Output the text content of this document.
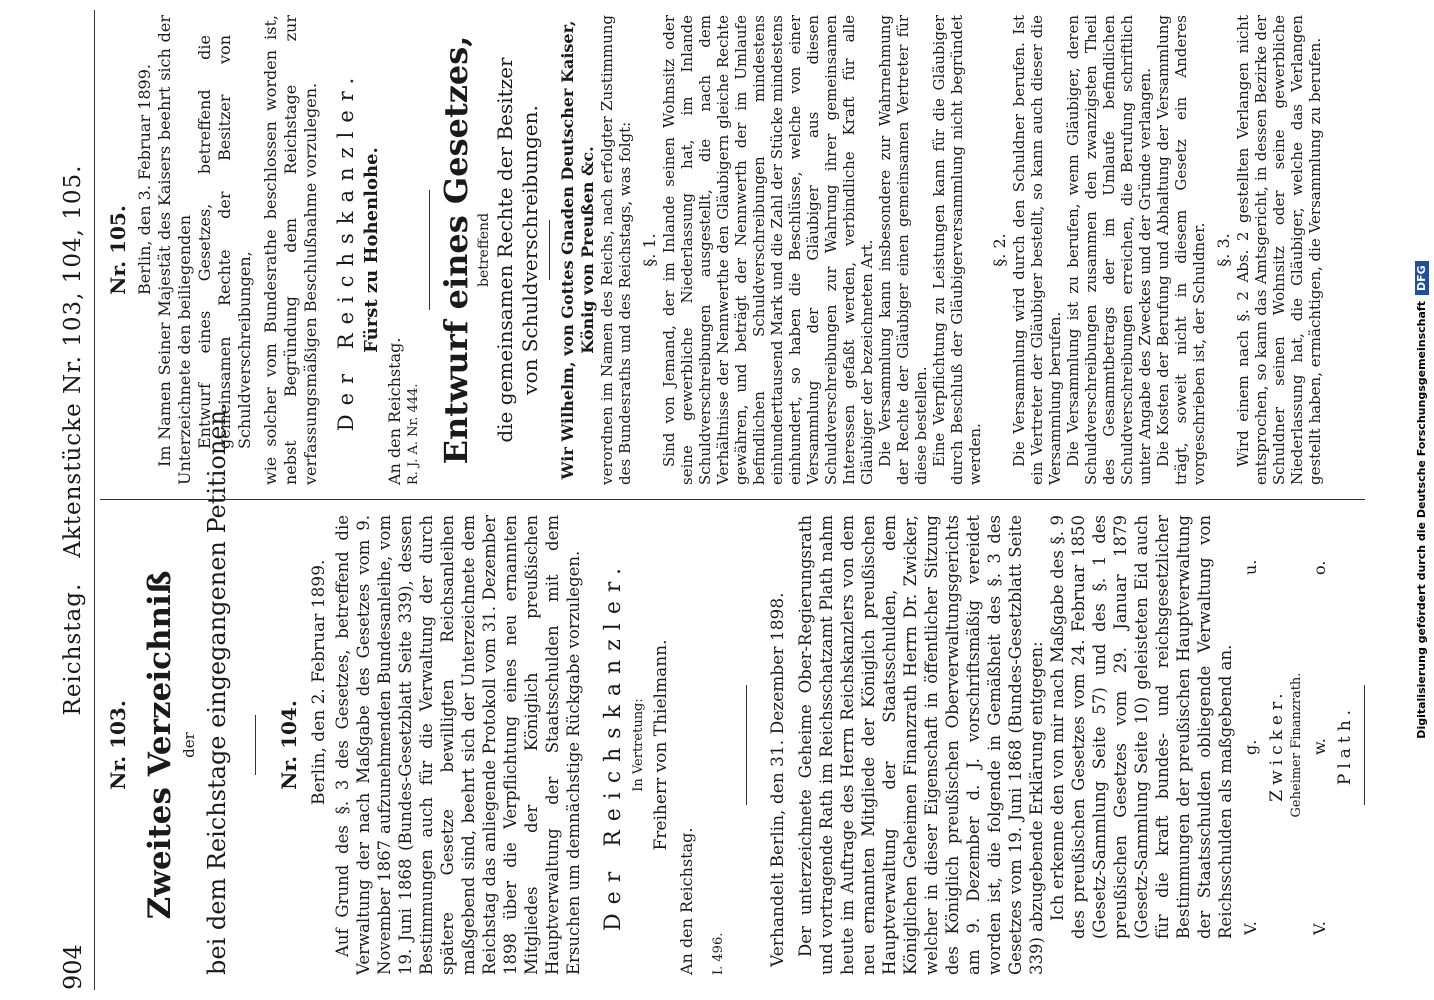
904
Reichstag.   Aktenstücke Nr. 103, 104, 105.
Nr. 103. Zweites Verzeichniß der bei dem Reichstage eingegangenen Petitionen. Nr. 104. Berlin, den 2. Februar 1899. Auf Grund des §. 3 des Gesetzes, betreffend die Verwaltung der nach Maßgabe des Gesetzes vom 9. November 1867 aufzunehmenden Bundesanleihe, vom 19. Juni 1868 (Bundes-Gesetzblatt Seite 339), dessen Bestimmungen auch für die Verwaltung der durch spätere Gesetze bewilligten Reichsanleihen maßgebend sind, beehrt sich der Unterzeichnete dem Reichstag das anliegende Protokoll vom 31. Dezember 1898 über die Verpflichtung eines neu ernannten Mitgliedes der Königlich preußischen Hauptverwaltung der Staatsschulden mit dem Ersuchen um demnächstige Rückgabe vorzulegen. Der Reichskanzler. In Vertretung: Freiherr von Thielmann.
An den Reichstag. I. 496. Verhandelt Berlin, den 31. Dezember 1898. Der unterzeichnete Geheime Ober-Regierungsrath und vortragende Rath im Reichsschatzamt Plath nahm heute im Auftrage des Herrn Reichskanzlers von dem neu ernannten Mitgliede der Königlich preußischen Hauptverwaltung der Staatsschulden, dem Königlichen Geheimen Finanzrath Herrn Dr. Zwicker, welcher in dieser Eigenschaft in öffentlicher Sitzung des Königlich preußischen Oberverwaltungsgerichts am 9. Dezember d. J. vorschriftsmäßig vereidet worden ist, die folgende in Gemäßheit des §. 3 des Gesetzes vom 19. Juni 1868 (Bundes-Gesetzblatt Seite 339) abzugebende Erklärung entgegen: Ich erkenne den von mir nach Maßgabe des §. 9 des preußischen Gesetzes vom 24. Februar 1850 (Gesetz-Sammlung Seite 57) und des §. 1 des preußischen Gesetzes vom 29. Januar 1879 (Gesetz-Sammlung Seite 10) geleisteten Eid auch für die kraft bundes- und reichsgesetzlicher Bestimmungen der preußischen Hauptverwaltung der Staatsschulden obliegende Verwaltung von Reichsschulden als maßgebend an. V.
g.
u.
Zwicker. Geheimer Finanzrath.
V.
w.
o.
Plath.
Nr. 105. Berlin, den 3. Februar 1899. Im Namen Seiner Majestät des Kaisers beehrt sich der Unterzeichnete den beiliegenden Entwurf eines Gesetzes, betreffend die gemeinsamen Rechte der Besitzer von Schuldverschreibungen, wie solcher vom Bundesrathe beschlossen worden ist, nebst Begründung dem Reichstage zur verfassungsmäßigen Beschlußnahme vorzulegen. Der Reichskanzler. Fürst zu Hohenlohe.
An den Reichstag. R. J. A. Nr. 444. Entwurf eines Gesetzes, betreffend die gemeinsamen Rechte der Besitzer von Schuldverschreibungen. Wir Wilhelm, von Gottes Gnaden Deutscher Kaiser, König von Preußen &c. verordnen im Namen des Reichs, nach erfolgter Zustimmung des Bundesraths und des Reichstags, was folgt: §. 1. Sind von Jemand, der im Inlande seinen Wohnsitz oder seine gewerbliche Niederlassung hat, im Inlande Schuldverschreibungen ausgestellt, die nach dem Verhältnisse der Nennwerthe den Gläubigern gleiche Rechte gewähren, und beträgt der Nennwerth der im Umlaufe befindlichen Schuldverschreibungen mindestens einhunderttausend Mark und die Zahl der Stücke mindestens einhundert, so haben die Beschlüsse, welche von einer Versammlung der Gläubiger aus diesen Schuldverschreibungen zur Wahrung ihrer gemeinsamen Interessen gefaßt werden, verbindliche Kraft für alle Gläubiger der bezeichneten Art. Die Versammlung kann insbesondere zur Wahrnehmung der Rechte der Gläubiger einen gemeinsamen Vertreter für diese bestellen. Eine Verpflichtung zu Leistungen kann für die Gläubiger durch Beschluß der Gläubigerversammlung nicht begründet werden.

§. 2. Die Versammlung wird durch den Schuldner berufen. Ist ein Vertreter der Gläubiger bestellt, so kann auch dieser die Versammlung berufen. Die Versammlung ist zu berufen, wenn Gläubiger, deren Schuldverschreibungen zusammen den zwanzigsten Theil des Gesammtbetrags der im Umlaufe befindlichen Schuldverschreibungen erreichen, die Berufung schriftlich unter Angabe des Zweckes und der Gründe verlangen. Die Kosten der Berufung und Abhaltung der Versammlung trägt, soweit nicht in diesem Gesetz ein Anderes vorgeschrieben ist, der Schuldner. §. 3. Wird einem nach §. 2 Abs. 2 gestellten Verlangen nicht entsprochen, so kann das Amtsgericht, in dessen Bezirke der Schuldner seinen Wohnsitz oder seine gewerbliche Niederlassung hat, die Gläubiger, welche das Verlangen gestellt haben, ermächtigen, die Versammlung zu berufen.

Digitalisierung gefördert durch die Deutsche ForschungsgemeinschaftDFG
